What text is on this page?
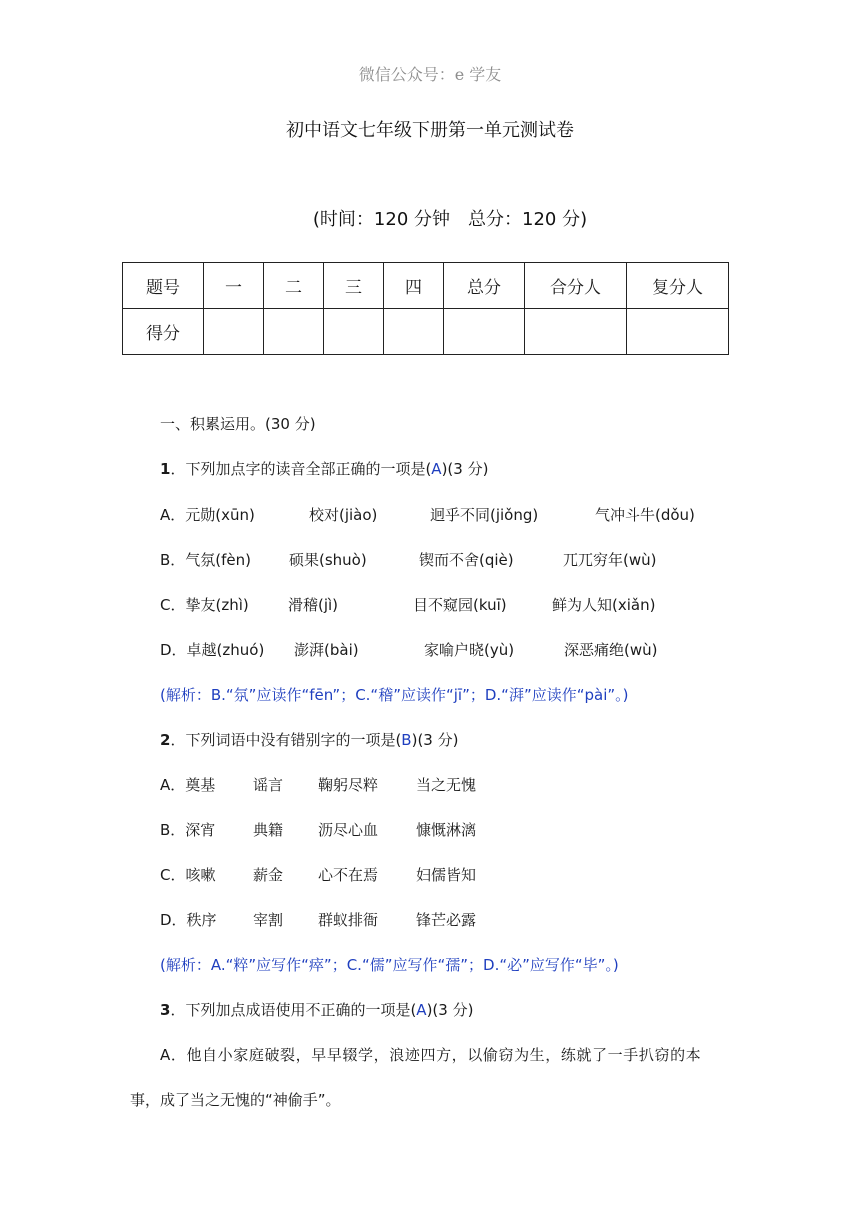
微信公众号：e 学友
初中语文七年级下册第一单元测试卷
(时间：120 分钟　总分：120 分)
题号	一	二	三	四	总分	合分人	复分人
得分							
一、积累运用。(30 分)
1．下列加点字的读音全部正确的一项是(A)(3 分)
A．元勋(xūn)	校对(jiào)	迥乎不同(jiǒng)	气冲斗牛(dǒu)
B．气氛(fèn)	硕果(shuò)	锲而不舍(qiè)	兀兀穷年(wù)
C．挚友(zhì)	滑稽(jì)	目不窥园(kuī)	鲜为人知(xiǎn)
D．卓越(zhuó) 澎湃(bài)	家喻户晓(yù)	深恶痛绝(wù)
(解析：B.“氛”应读作“fēn”；C.“稽”应读作“jī”；D.“湃”应读作“pài”。)
2．下列词语中没有错别字的一项是(B)(3 分)
A．奠基	谣言 鞠躬尽粹	当之无愧
B．深宵	典籍 沥尽心血	慷慨淋漓
C．咳嗽	薪金 心不在焉	妇儒皆知
D．秩序 宰割 群蚁排衙	锋芒必露
(解析：A.“粹”应写作“瘁”；C.“儒”应写作“孺”；D.“必”应写作“毕”。)
3．下列加点成语使用不正确的一项是(A)(3 分)
A．他自小家庭破裂，早早辍学，浪迹四方，以偷窃为生，练就了一手扒窃的本
事，成了当之无愧的“神偷手”。
